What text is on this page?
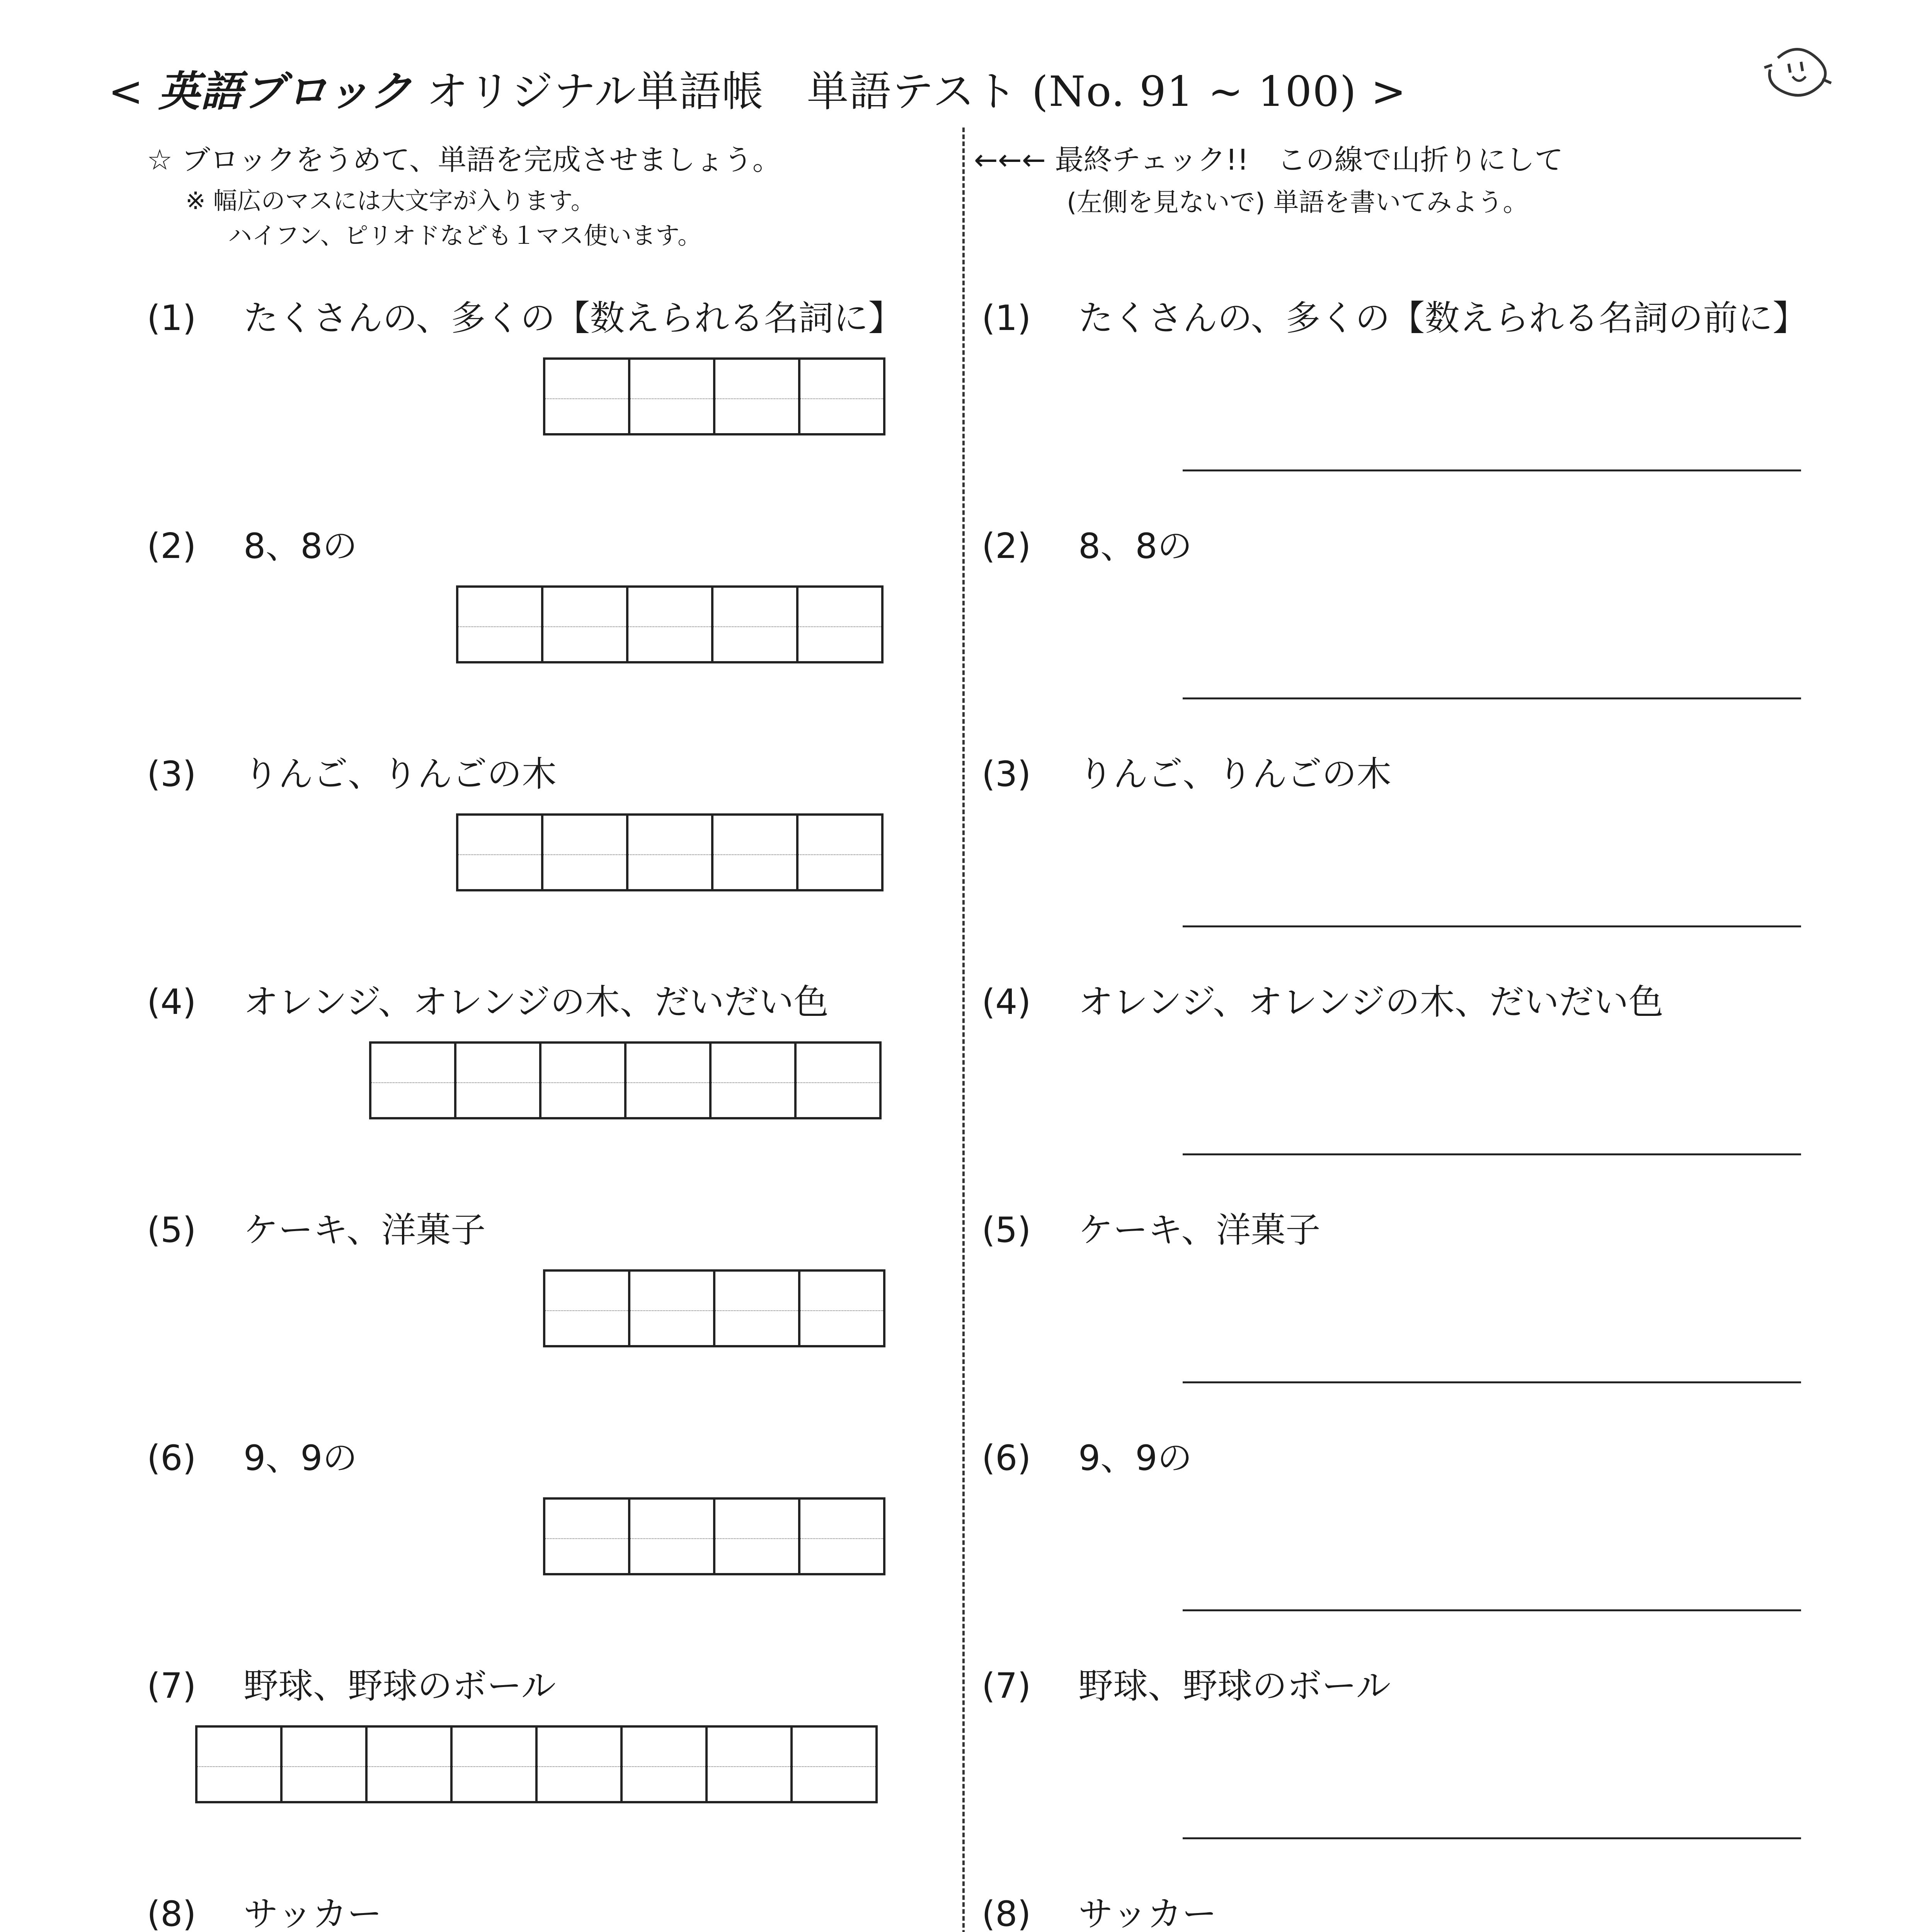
< 英語ブロック オリジナル単語帳　単語テスト (No. 91 ~ 100) >
☆ ブロックをうめて、単語を完成させましょう。
※ 幅広のマスには大文字が入ります。
ハイフン、ピリオドなども１マス使います。
←←← 最終チェック!!　この線で山折りにして
(左側を見ないで) 単語を書いてみよう。
(1) たくさんの、多くの【数えられる名詞に】

			(1) たくさんの、多くの【数えられる名詞の前に】
(2) 8、8の

					(2) 8、8の
(3) りんご、りんごの木

					(3) りんご、りんごの木
(4) オレンジ、オレンジの木、だいだい色

						(4) オレンジ、オレンジの木、だいだい色
(5) ケーキ、洋菓子

				(5) ケーキ、洋菓子
(6) 9、9の

				(6) 9、9の
(7) 野球、野球のボール

								(7) 野球、野球のボール
(8) サッカー

						(8) サッカー
